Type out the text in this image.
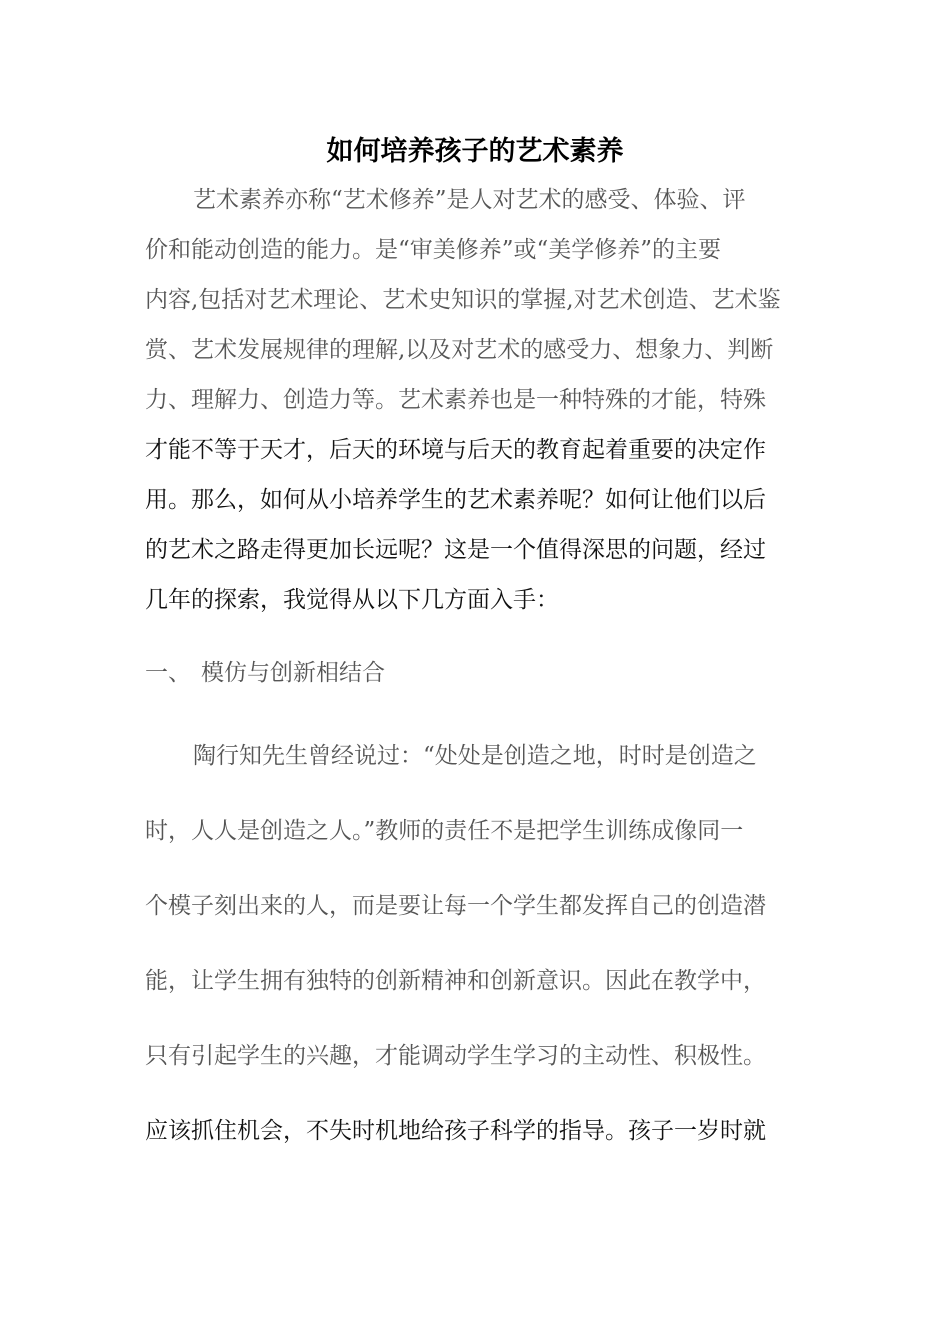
如何培养孩子的艺术素养

艺术素养亦称“艺术修养”是人对艺术的感受、体验、评

价和能动创造的能力。是“审美修养”或“美学修养”的主要

内容,包括对艺术理论、艺术史知识的掌握,对艺术创造、艺术鉴

赏、艺术发展规律的理解,以及对艺术的感受力、想象力、判断

力、理解力、创造力等。艺术素养也是一种特殊的才能，特殊

才能不等于天才，后天的环境与后天的教育起着重要的决定作

用。那么，如何从小培养学生的艺术素养呢？如何让他们以后

的艺术之路走得更加长远呢？这是一个值得深思的问题，经过

几年的探索，我觉得从以下几方面入手：

一、 模仿与创新相结合

陶行知先生曾经说过：“处处是创造之地，时时是创造之

时，人人是创造之人。”教师的责任不是把学生训练成像同一

个模子刻出来的人，而是要让每一个学生都发挥自己的创造潜

能，让学生拥有独特的创新精神和创新意识。因此在教学中，

只有引起学生的兴趣，才能调动学生学习的主动性、积极性。

应该抓住机会，不失时机地给孩子科学的指导。孩子一岁时就
